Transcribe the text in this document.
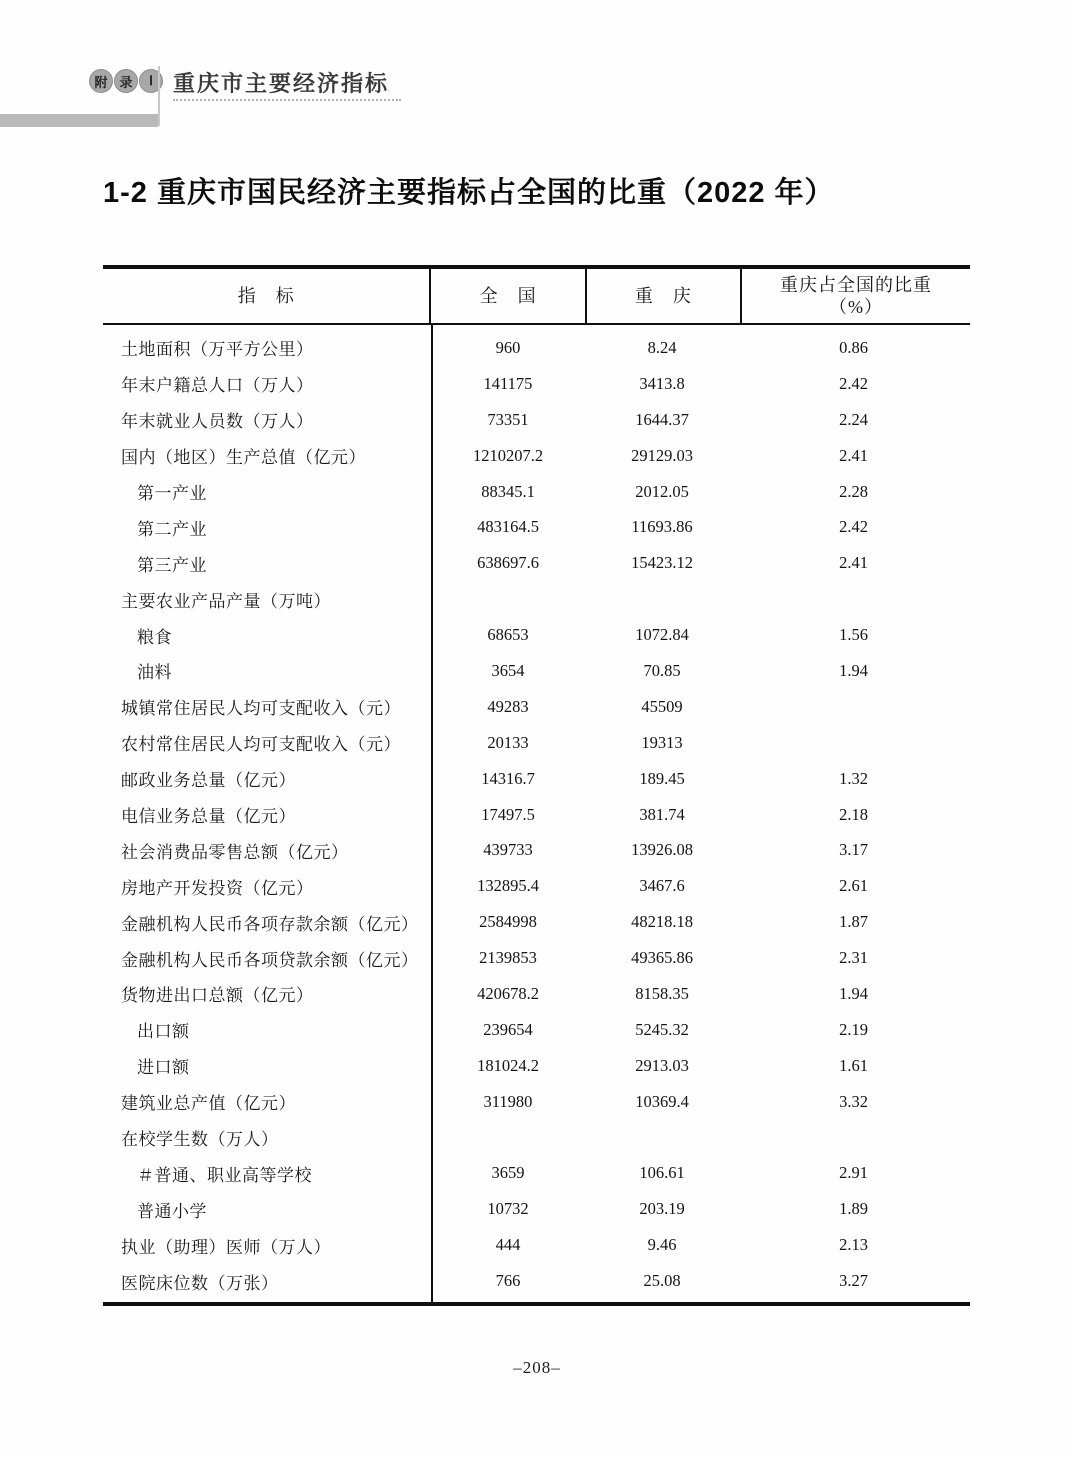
附 录	Ⅰ 重庆市主要经济指标
1-2 重庆市国民经济主要指标占全国的比重（2022 年）
指　标	全　国	重　庆
重庆占全国的比重
（%）
土地面积（万平方公里）	960	8.24	0.86
年末户籍总人口（万人）	141175	3413.8	2.42
年末就业人员数（万人）	73351	1644.37	2.24
国内（地区）生产总值（亿元）	1210207.2	29129.03	2.41
第一产业	88345.1	2012.05	2.28
第二产业	483164.5	11693.86	2.42
第三产业	638697.6	15423.12	2.41
主要农业产品产量（万吨）
粮食	68653	1072.84	1.56
油料	3654	70.85	1.94
城镇常住居民人均可支配收入（元）	49283	45509
农村常住居民人均可支配收入（元）	20133	19313
邮政业务总量（亿元）	14316.7	189.45	1.32
电信业务总量（亿元）	17497.5	381.74	2.18
社会消费品零售总额（亿元）	439733	13926.08	3.17
房地产开发投资（亿元）	132895.4	3467.6	2.61
金融机构人民币各项存款余额（亿元）	2584998	48218.18	1.87
金融机构人民币各项贷款余额（亿元）	2139853	49365.86	2.31
货物进出口总额（亿元）	420678.2	8158.35	1.94
出口额	239654	5245.32	2.19
进口额	181024.2	2913.03	1.61
建筑业总产值（亿元）	311980	10369.4	3.32
在校学生数（万人）
＃普通、职业高等学校	3659	106.61	2.91
普通小学	10732	203.19	1.89
执业（助理）医师（万人）	444	9.46	2.13
医院床位数（万张）	766	25.08	3.27
–208–
